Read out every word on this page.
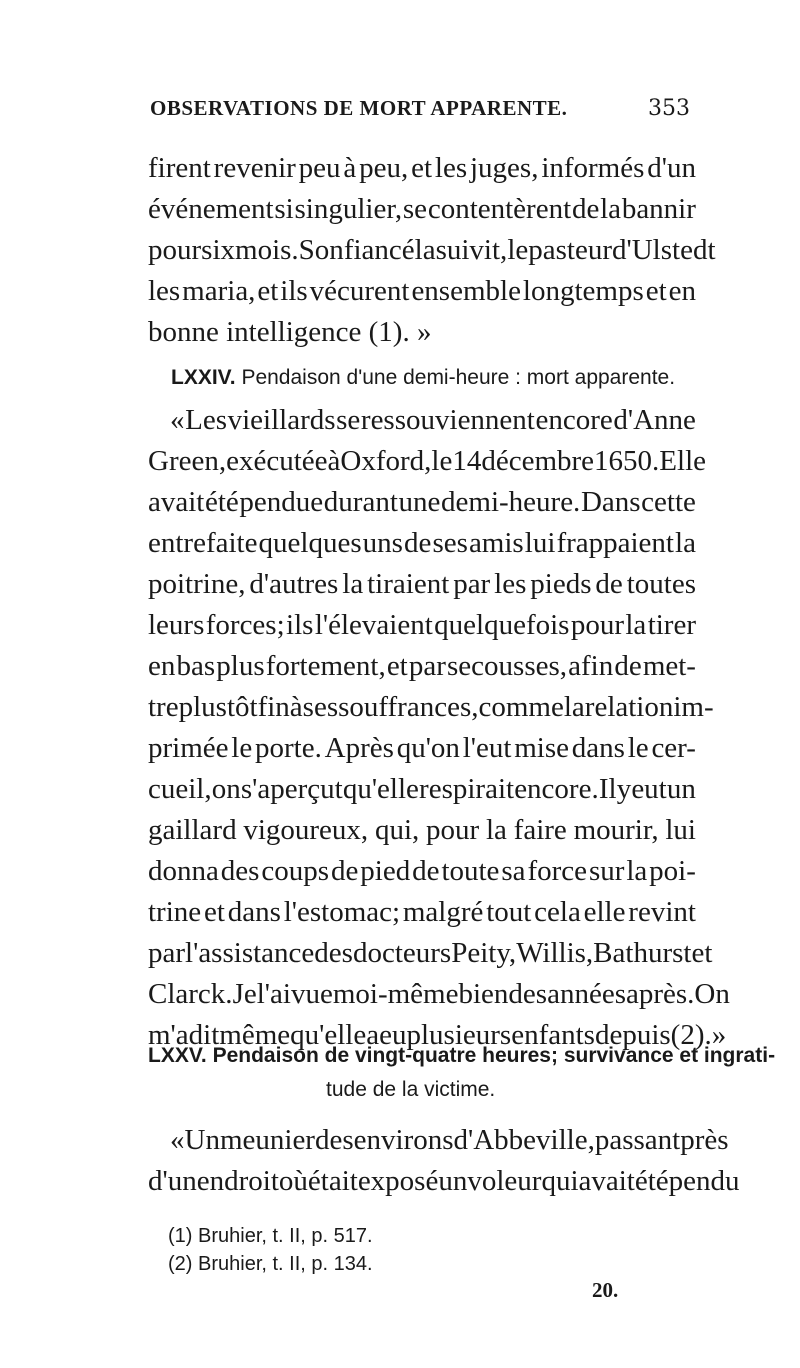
OBSERVATIONS DE MORT APPARENTE.	353
firent revenir peu à peu, et les juges, informés d'un
événement si singulier, se contentèrent de la bannir
pour six mois. Son fiancé la suivit, le pasteur d'Ulstedt
les maria, et ils vécurent ensemble longtemps et en
bonne intelligence (1). »
LXXIV. Pendaison d'une demi-heure : mort apparente.
« Les vieillards se ressouviennent encore d'Anne
Green, exécutée à Oxford, le 14 décembre 1650. Elle
avait été pendue durant une demi-heure. Dans cette
entrefaite quelques uns de ses amis lui frappaient la
poitrine, d'autres la tiraient par les pieds de toutes
leurs forces; ils l'élevaient quelquefois pour la tirer
en bas plus fortement, et par secousses, afin de met-
tre plus tôt fin à ses souffrances, comme la relation im-
primée le porte. Après qu'on l'eut mise dans le cer-
cueil, on s'aperçut qu'elle respirait encore. Il y eut un
gaillard vigoureux, qui, pour la faire mourir, lui
donna des coups de pied de toute sa force sur la poi-
trine et dans l'estomac; malgré tout cela elle revint
par l'assistance des docteurs Peity, Willis, Bathurst et
Clarck. Je l'ai vue moi-même bien des années après. On
m'a dit même qu'elle a eu plusieurs enfants depuis (2). »
LXXV. Pendaison de vingt-quatre heures; survivance et ingrati-
tude de la victime.
« Un meunier des environs d'Abbeville, passant près
d'un endroit où était exposé un voleur qui avait été pendu
(1) Bruhier, t. II, p. 517.
(2) Bruhier, t. II, p. 134.
20.
